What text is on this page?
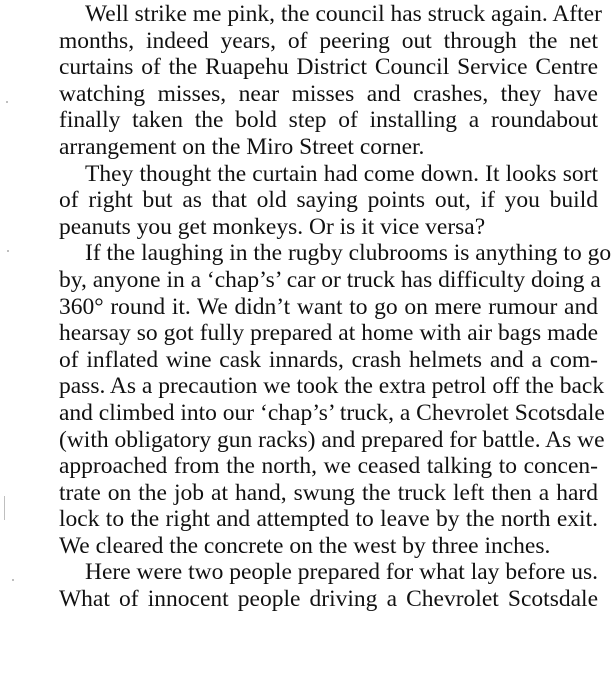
Well strike me pink, the council has struck again. After
months, indeed years, of peering out through the net
curtains of the Ruapehu District Council Service Centre
watching misses, near misses and crashes, they have
finally taken the bold step of installing a roundabout
arrangement on the Miro Street corner.

They thought the curtain had come down. It looks sort
of right but as that old saying points out, if you build
peanuts you get monkeys. Or is it vice versa?

If the laughing in the rugby clubrooms is anything to go
by, anyone in a ‘chap’s’ car or truck has difficulty doing a
360° round it. We didn’t want to go on mere rumour and
hearsay so got fully prepared at home with air bags made
of inflated wine cask innards, crash helmets and a com-
pass. As a precaution we took the extra petrol off the back
and climbed into our ‘chap’s’ truck, a Chevrolet Scotsdale
(with obligatory gun racks) and prepared for battle. As we
approached from the north, we ceased talking to concen-
trate on the job at hand, swung the truck left then a hard
lock to the right and attempted to leave by the north exit.
We cleared the concrete on the west by three inches.

Here were two people prepared for what lay before us.
What of innocent people driving a Chevrolet Scotsdale
